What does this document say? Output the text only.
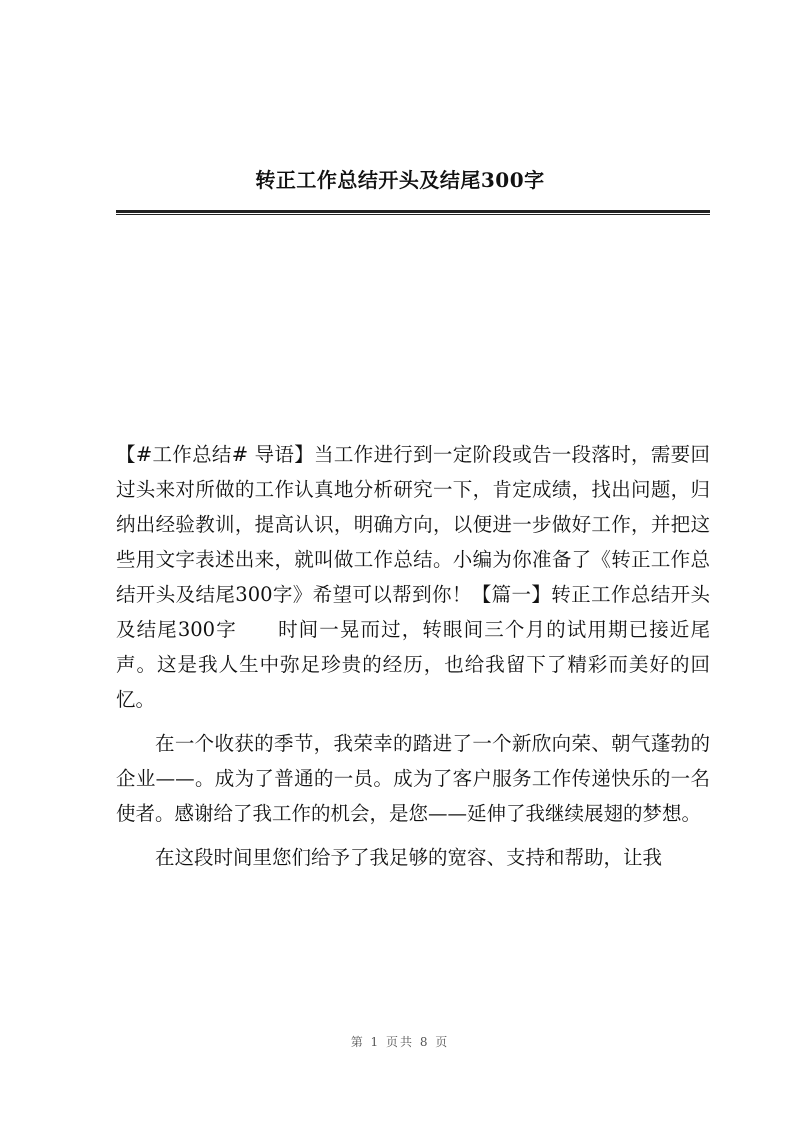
转正工作总结开头及结尾300字

【#工作总结# 导语】当工作进行到一定阶段或告一段落时，需要回过头来对所做的工作认真地分析研究一下，肯定成绩，找出问题，归纳出经验教训，提高认识，明确方向，以便进一步做好工作，并把这些用文字表述出来，就叫做工作总结。小编为你准备了《转正工作总结开头及结尾300字》希望可以帮到你！【篇一】转正工作总结开头及结尾300字　　时间一晃而过，转眼间三个月的试用期已接近尾声。这是我人生中弥足珍贵的经历，也给我留下了精彩而美好的回忆。

在一个收获的季节，我荣幸的踏进了一个新欣向荣、朝气蓬勃的企业——。成为了普通的一员。成为了客户服务工作传递快乐的一名使者。感谢给了我工作的机会，是您——延伸了我继续展翅的梦想。

在这段时间里您们给予了我足够的宽容、支持和帮助，让我

第 1 页共 8 页
